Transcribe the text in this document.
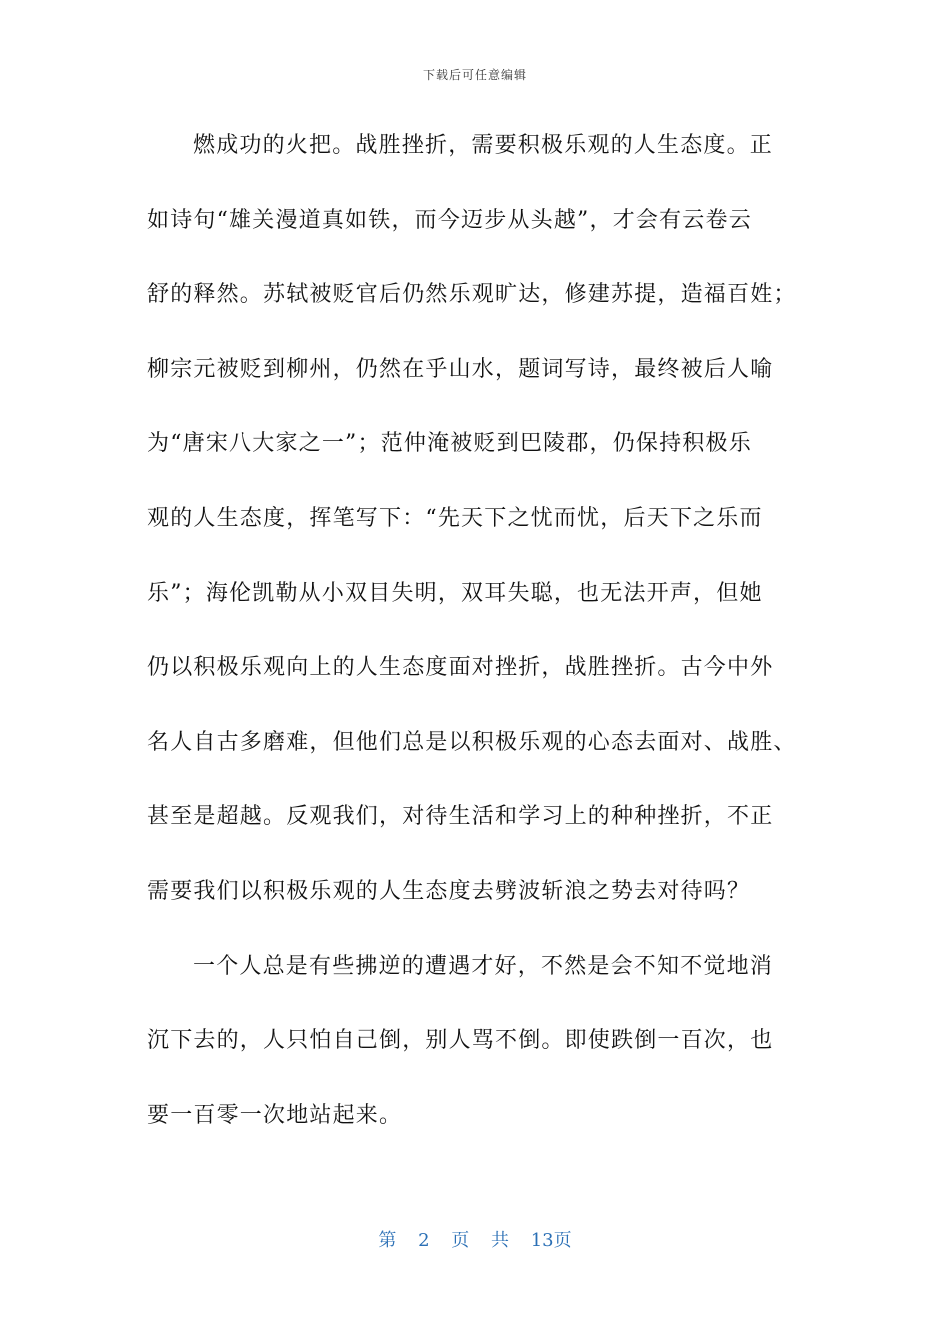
下载后可任意编辑
燃成功的火把。战胜挫折，需要积极乐观的人生态度。正
如诗句“雄关漫道真如铁，而今迈步从头越”，才会有云卷云
舒的释然。苏轼被贬官后仍然乐观旷达，修建苏提，造福百姓；
柳宗元被贬到柳州，仍然在乎山水，题词写诗，最终被后人喻
为“唐宋八大家之一”；范仲淹被贬到巴陵郡，仍保持积极乐
观的人生态度，挥笔写下：“先天下之忧而忧，后天下之乐而
乐”；海伦凯勒从小双目失明，双耳失聪，也无法开声，但她
仍以积极乐观向上的人生态度面对挫折，战胜挫折。古今中外
名人自古多磨难，但他们总是以积极乐观的心态去面对、战胜、
甚至是超越。反观我们，对待生活和学习上的种种挫折，不正
需要我们以积极乐观的人生态度去劈波斩浪之势去对待吗？
一个人总是有些拂逆的遭遇才好，不然是会不知不觉地消
沉下去的，人只怕自己倒，别人骂不倒。即使跌倒一百次，也
要一百零一次地站起来。
第 2 页 共 13页
